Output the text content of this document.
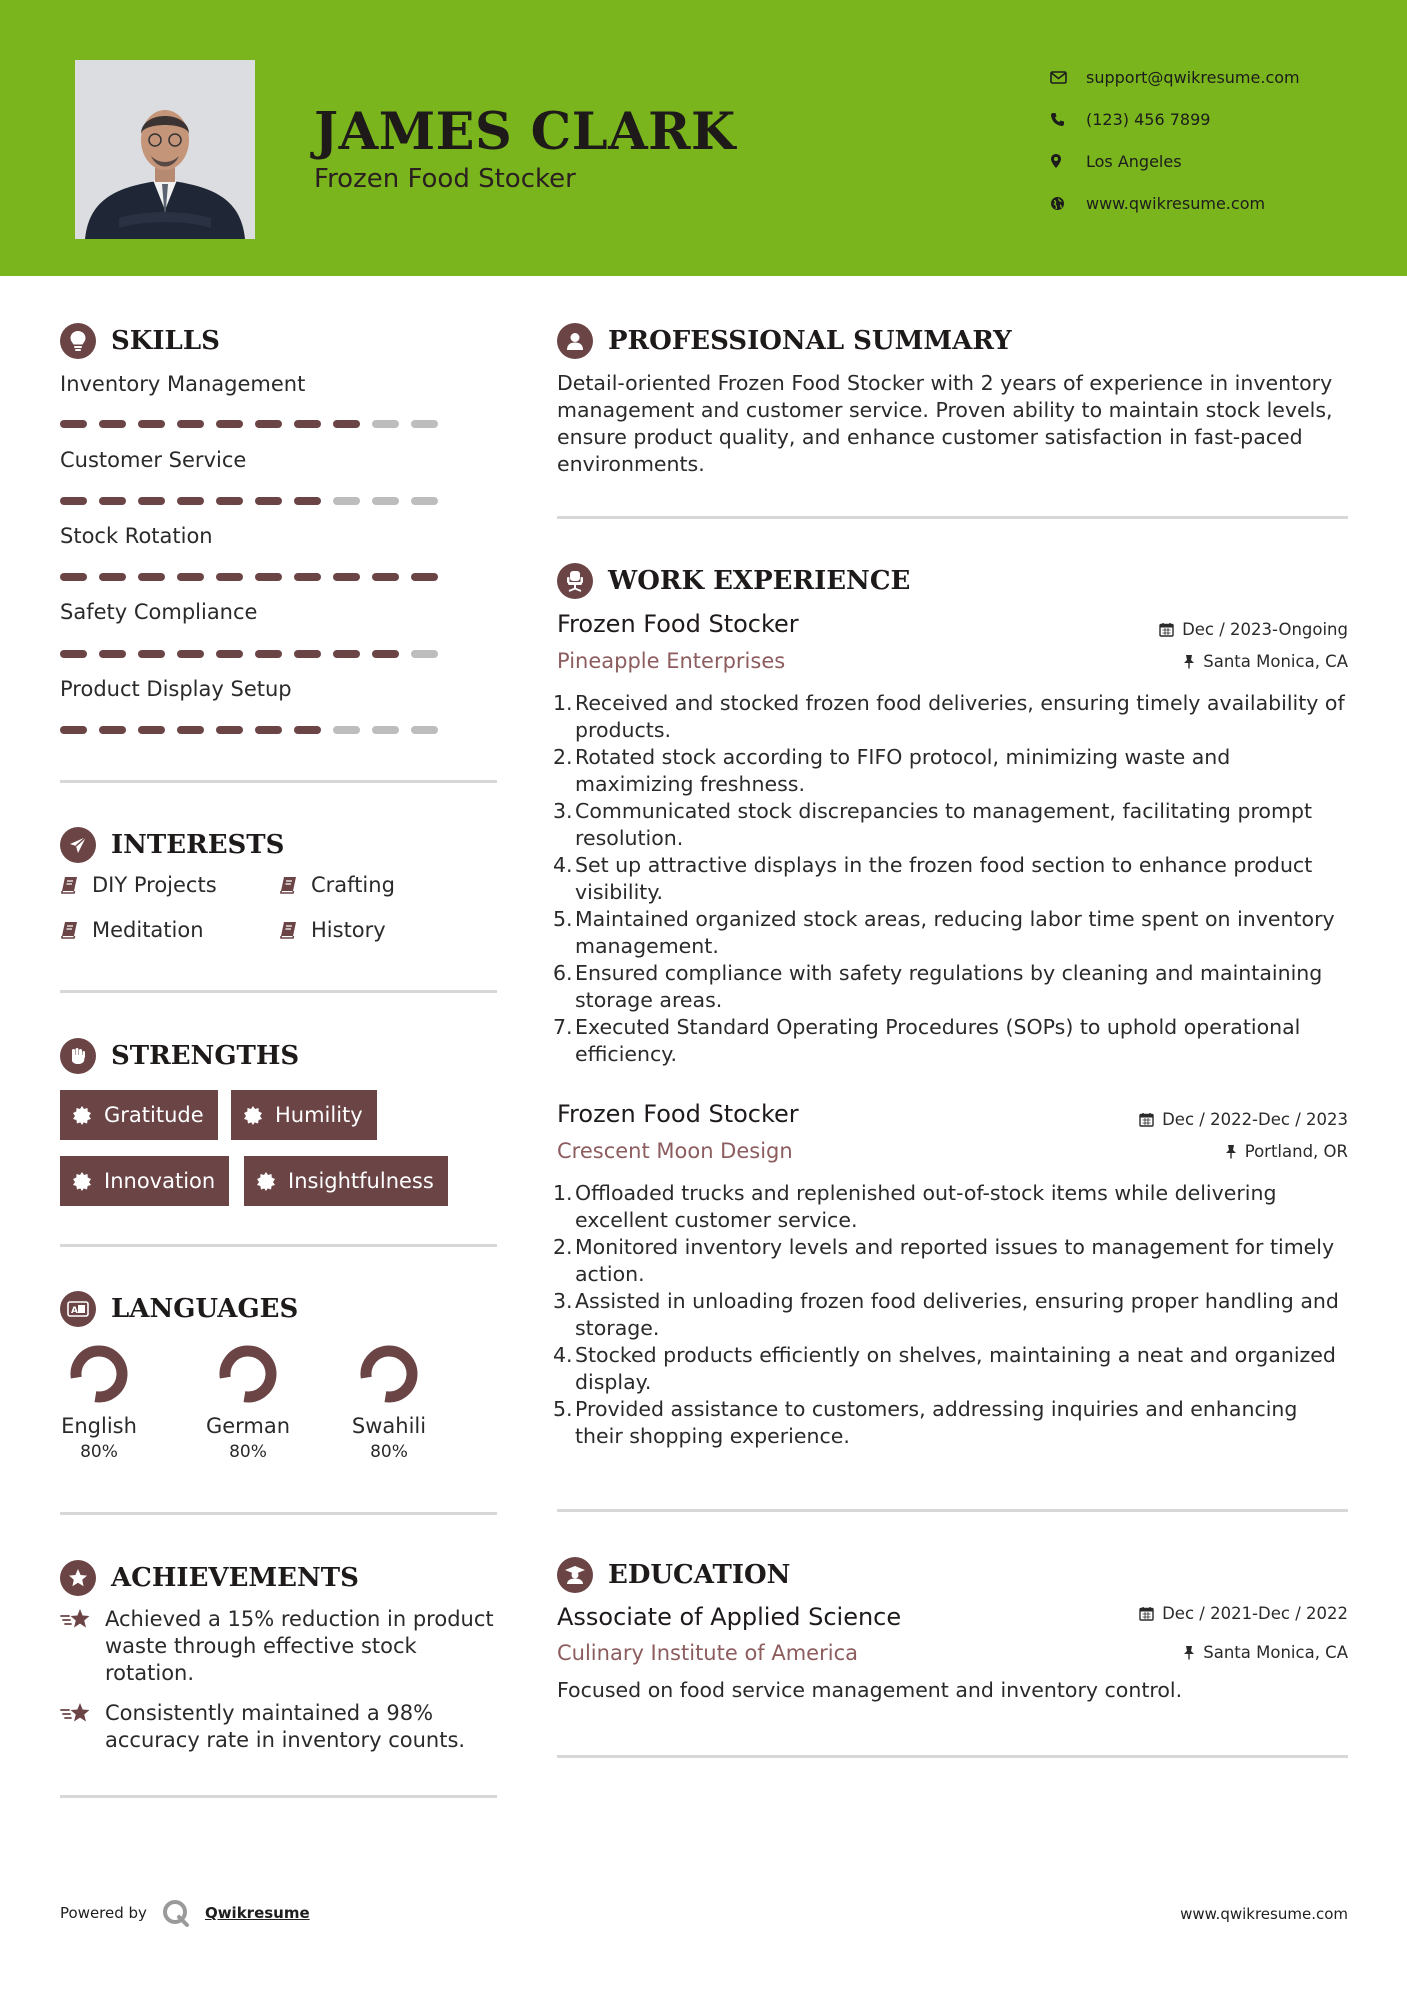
JAMES CLARK
Frozen Food Stocker
support@qwikresume.com
(123) 456 7899
Los Angeles
www.qwikresume.com
SKILLS
Inventory Management
Customer Service
Stock Rotation
Safety Compliance
Product Display Setup
INTERESTS
DIY Projects	Crafting
Meditation	History
STRENGTHS
Gratitude	Humility
Innovation	Insightfulness
A LANGUAGES
English
80%
German
80%
Swahili
80%
ACHIEVEMENTS
Achieved a 15% reduction in product waste through effective stock rotation.
Consistently maintained a 98% accuracy rate in inventory counts.
PROFESSIONAL SUMMARY
Detail-oriented Frozen Food Stocker with 2 years of experience in inventory management and customer service. Proven ability to maintain stock levels, ensure product quality, and enhance customer satisfaction in fast-paced environments.
WORK EXPERIENCE
Frozen Food Stocker	Dec / 2023-Ongoing
Pineapple Enterprises	Santa Monica, CA
Received and stocked frozen food deliveries, ensuring timely availability of products.
Rotated stock according to FIFO protocol, minimizing waste and maximizing freshness.
Communicated stock discrepancies to management, facilitating prompt resolution.
Set up attractive displays in the frozen food section to enhance product visibility.
Maintained organized stock areas, reducing labor time spent on inventory management.
Ensured compliance with safety regulations by cleaning and maintaining storage areas.
Executed Standard Operating Procedures (SOPs) to uphold operational efficiency.
Frozen Food Stocker	Dec / 2022-Dec / 2023
Crescent Moon Design	Portland, OR
Offloaded trucks and replenished out-of-stock items while delivering excellent customer service.
Monitored inventory levels and reported issues to management for timely action.
Assisted in unloading frozen food deliveries, ensuring proper handling and storage.
Stocked products efficiently on shelves, maintaining a neat and organized display.
Provided assistance to customers, addressing inquiries and enhancing their shopping experience.
EDUCATION
Associate of Applied Science	Dec / 2021-Dec / 2022
Culinary Institute of America	Santa Monica, CA
Focused on food service management and inventory control.
Powered by	Qwikresume	www.qwikresume.com
